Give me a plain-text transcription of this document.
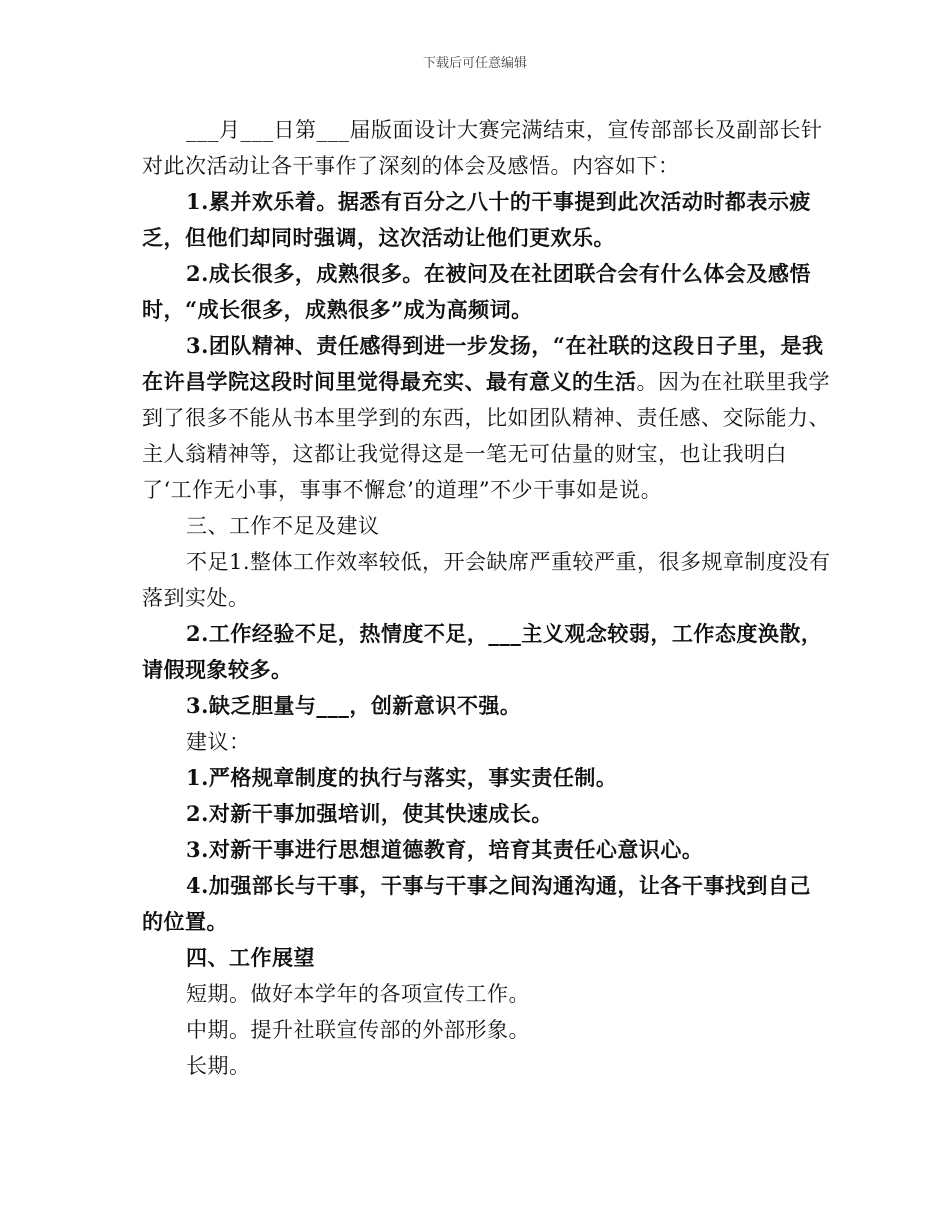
下载后可任意编辑

___月___日第___届版面设计大赛完满结束，宣传部部长及副部长针对此次活动让各干事作了深刻的体会及感悟。内容如下：

1.累并欢乐着。据悉有百分之八十的干事提到此次活动时都表示疲乏，但他们却同时强调，这次活动让他们更欢乐。

2.成长很多，成熟很多。在被问及在社团联合会有什么体会及感悟时，“成长很多，成熟很多”成为高频词。

3.团队精神、责任感得到进一步发扬，“在社联的这段日子里，是我在许昌学院这段时间里觉得最充实、最有意义的生活。因为在社联里我学到了很多不能从书本里学到的东西，比如团队精神、责任感、交际能力、主人翁精神等，这都让我觉得这是一笔无可估量的财宝，也让我明白了‘工作无小事，事事不懈怠’的道理”不少干事如是说。

三、工作不足及建议

不足1.整体工作效率较低，开会缺席严重较严重，很多规章制度没有落到实处。

2.工作经验不足，热情度不足，___主义观念较弱，工作态度涣散，请假现象较多。

3.缺乏胆量与___，创新意识不强。

建议：

1.严格规章制度的执行与落实，事实责任制。

2.对新干事加强培训，使其快速成长。

3.对新干事进行思想道德教育，培育其责任心意识心。

4.加强部长与干事，干事与干事之间沟通沟通，让各干事找到自己的位置。

四、工作展望

短期。做好本学年的各项宣传工作。

中期。提升社联宣传部的外部形象。

长期。
